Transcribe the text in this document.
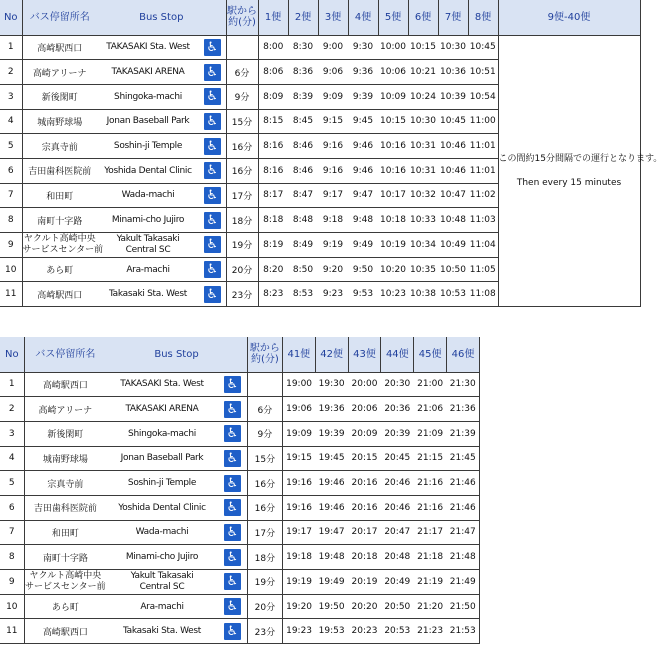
No	バス停留所名	Bus Stop		駅から約(分)	1便	2便	3便	4便	5便	6便	7便	8便	9便-40便
1	高崎駅西口	TAKASAKI Sta. West	♿		8:00	8:30	9:00	9:30	10:00	10:15	10:30	10:45	この間約15分間隔での運行となります。
Then every 15 minutes
2	高崎アリーナ	TAKASAKI ARENA	♿	6分	8:06	8:36	9:06	9:36	10:06	10:21	10:36	10:51	
3	新後閑町	Shingoka-machi	♿	9分	8:09	8:39	9:09	9:39	10:09	10:24	10:39	10:54	
4	城南野球場	Jonan Baseball Park	♿	15分	8:15	8:45	9:15	9:45	10:15	10:30	10:45	11:00	
5	宗真寺前	Soshin-ji Temple	♿	16分	8:16	8:46	9:16	9:46	10:16	10:31	10:46	11:01	
6	吉田歯科医院前	Yoshida Dental Clinic	♿	16分	8:16	8:46	9:16	9:46	10:16	10:31	10:46	11:01	
7	和田町	Wada-machi	♿	17分	8:17	8:47	9:17	9:47	10:17	10:32	10:47	11:02	
8	南町十字路	Minami-cho Jujiro	♿	18分	8:18	8:48	9:18	9:48	10:18	10:33	10:48	11:03	
9	ヤクルト高崎中央
サービスセンター前	Yakult Takasaki
Central SC	♿	19分	8:19	8:49	9:19	9:49	10:19	10:34	10:49	11:04	
10	あら町	Ara-machi	♿	20分	8:20	8:50	9:20	9:50	10:20	10:35	10:50	11:05	
11	高崎駅西口	Takasaki Sta. West	♿	23分	8:23	8:53	9:23	9:53	10:23	10:38	10:53	11:08	
No	バス停留所名	Bus Stop		駅から約(分)	41便	42便	43便	44便	45便	46便
1	高崎駅西口	TAKASAKI Sta. West	♿		19:00	19:30	20:00	20:30	21:00	21:30
2	高崎アリーナ	TAKASAKI ARENA	♿	6分	19:06	19:36	20:06	20:36	21:06	21:36
3	新後閑町	Shingoka-machi	♿	9分	19:09	19:39	20:09	20:39	21:09	21:39
4	城南野球場	Jonan Baseball Park	♿	15分	19:15	19:45	20:15	20:45	21:15	21:45
5	宗真寺前	Soshin-ji Temple	♿	16分	19:16	19:46	20:16	20:46	21:16	21:46
6	吉田歯科医院前	Yoshida Dental Clinic	♿	16分	19:16	19:46	20:16	20:46	21:16	21:46
7	和田町	Wada-machi	♿	17分	19:17	19:47	20:17	20:47	21:17	21:47
8	南町十字路	Minami-cho Jujiro	♿	18分	19:18	19:48	20:18	20:48	21:18	21:48
9	ヤクルト高崎中央
サービスセンター前	Yakult Takasaki
Central SC	♿	19分	19:19	19:49	20:19	20:49	21:19	21:49
10	あら町	Ara-machi	♿	20分	19:20	19:50	20:20	20:50	21:20	21:50
11	高崎駅西口	Takasaki Sta. West	♿	23分	19:23	19:53	20:23	20:53	21:23	21:53
